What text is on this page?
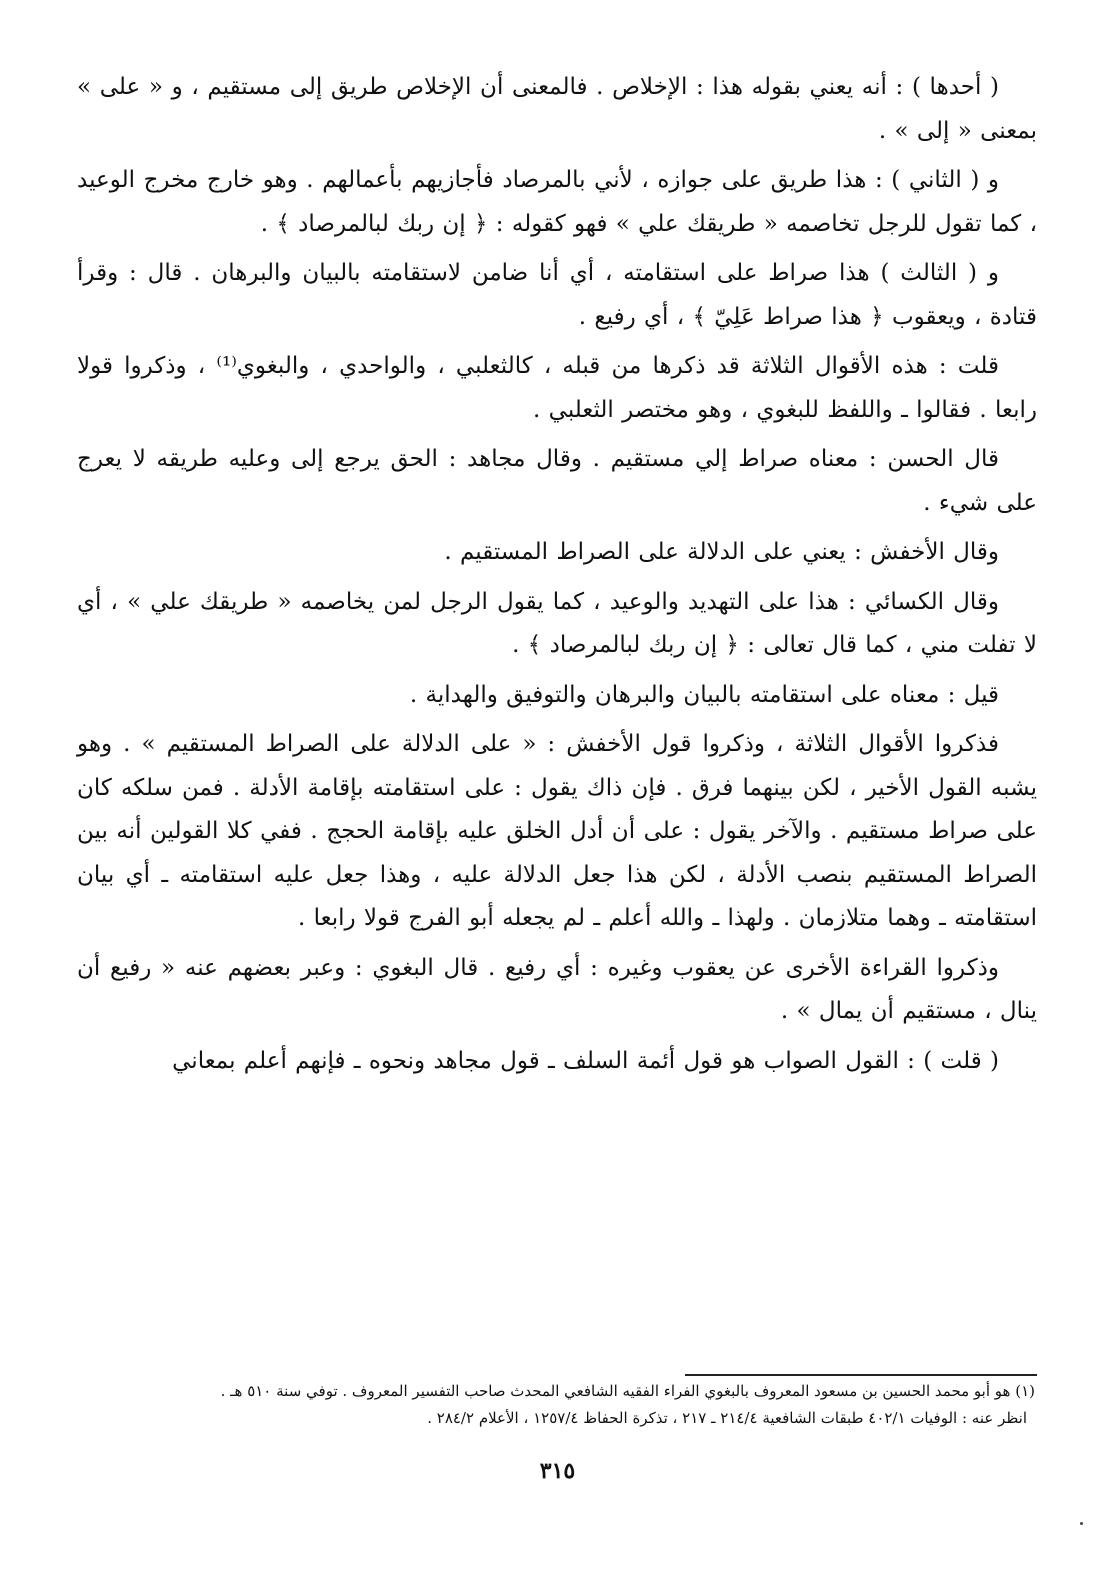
( أحدها ) : أنه يعني بقوله هذا : الإخلاص . فالمعنى أن الإخلاص طريق إلى مستقيم ، و « على » بمعنى « إلى » .

و ( الثاني ) : هذا طريق على جوازه ، لأني بالمرصاد فأجازيهم بأعمالهم . وهو خارج مخرج الوعيد ، كما تقول للرجل تخاصمه « طريقك علي » فهو كقوله : ﴿ إن ربك لبالمرصاد ﴾ .

و ( الثالث ) هذا صراط على استقامته ، أي أنا ضامن لاستقامته بالبيان والبرهان . قال : وقرأ قتادة ، ويعقوب ﴿ هذا صراط عَلِيّ ﴾ ، أي رفيع .

قلت : هذه الأقوال الثلاثة قد ذكرها من قبله ، كالثعلبي ، والواحدي ، والبغوي⁽¹⁾ ، وذكروا قولا رابعا . فقالوا ـ واللفظ للبغوي ، وهو مختصر الثعلبي .

قال الحسن : معناه صراط إلي مستقيم . وقال مجاهد : الحق يرجع إلى وعليه طريقه لا يعرج على شيء .

وقال الأخفش : يعني على الدلالة على الصراط المستقيم .

وقال الكسائي : هذا على التهديد والوعيد ، كما يقول الرجل لمن يخاصمه « طريقك علي » ، أي لا تفلت مني ، كما قال تعالى : ﴿ إن ربك لبالمرصاد ﴾ .

قيل : معناه على استقامته بالبيان والبرهان والتوفيق والهداية .

فذكروا الأقوال الثلاثة ، وذكروا قول الأخفش : « على الدلالة على الصراط المستقيم » . وهو يشبه القول الأخير ، لكن بينهما فرق . فإن ذاك يقول : على استقامته بإقامة الأدلة . فمن سلكه كان على صراط مستقيم . والآخر يقول : على أن أدل الخلق عليه بإقامة الحجج . ففي كلا القولين أنه بين الصراط المستقيم بنصب الأدلة ، لكن هذا جعل الدلالة عليه ، وهذا جعل عليه استقامته ـ أي بيان استقامته ـ وهما متلازمان . ولهذا ـ والله أعلم ـ لم يجعله أبو الفرج قولا رابعا .

وذكروا القراءة الأخرى عن يعقوب وغيره : أي رفيع . قال البغوي : وعبر بعضهم عنه « رفيع أن ينال ، مستقيم أن يمال » .

( قلت ) : القول الصواب هو قول أئمة السلف ـ قول مجاهد ونحوه ـ فإنهم أعلم بمعاني

(١) هو أبو محمد الحسين بن مسعود المعروف بالبغوي الفراء الفقيه الشافعي المحدث صاحب التفسير المعروف . توفي سنة ٥١٠ هـ .

انظر عنه : الوفيات ٤٠٢/١ طبقات الشافعية ٢١٤/٤ ـ ٢١٧ ، تذكرة الحفاظ ١٢٥٧/٤ ، الأعلام ٢٨٤/٢ .

٣١٥
